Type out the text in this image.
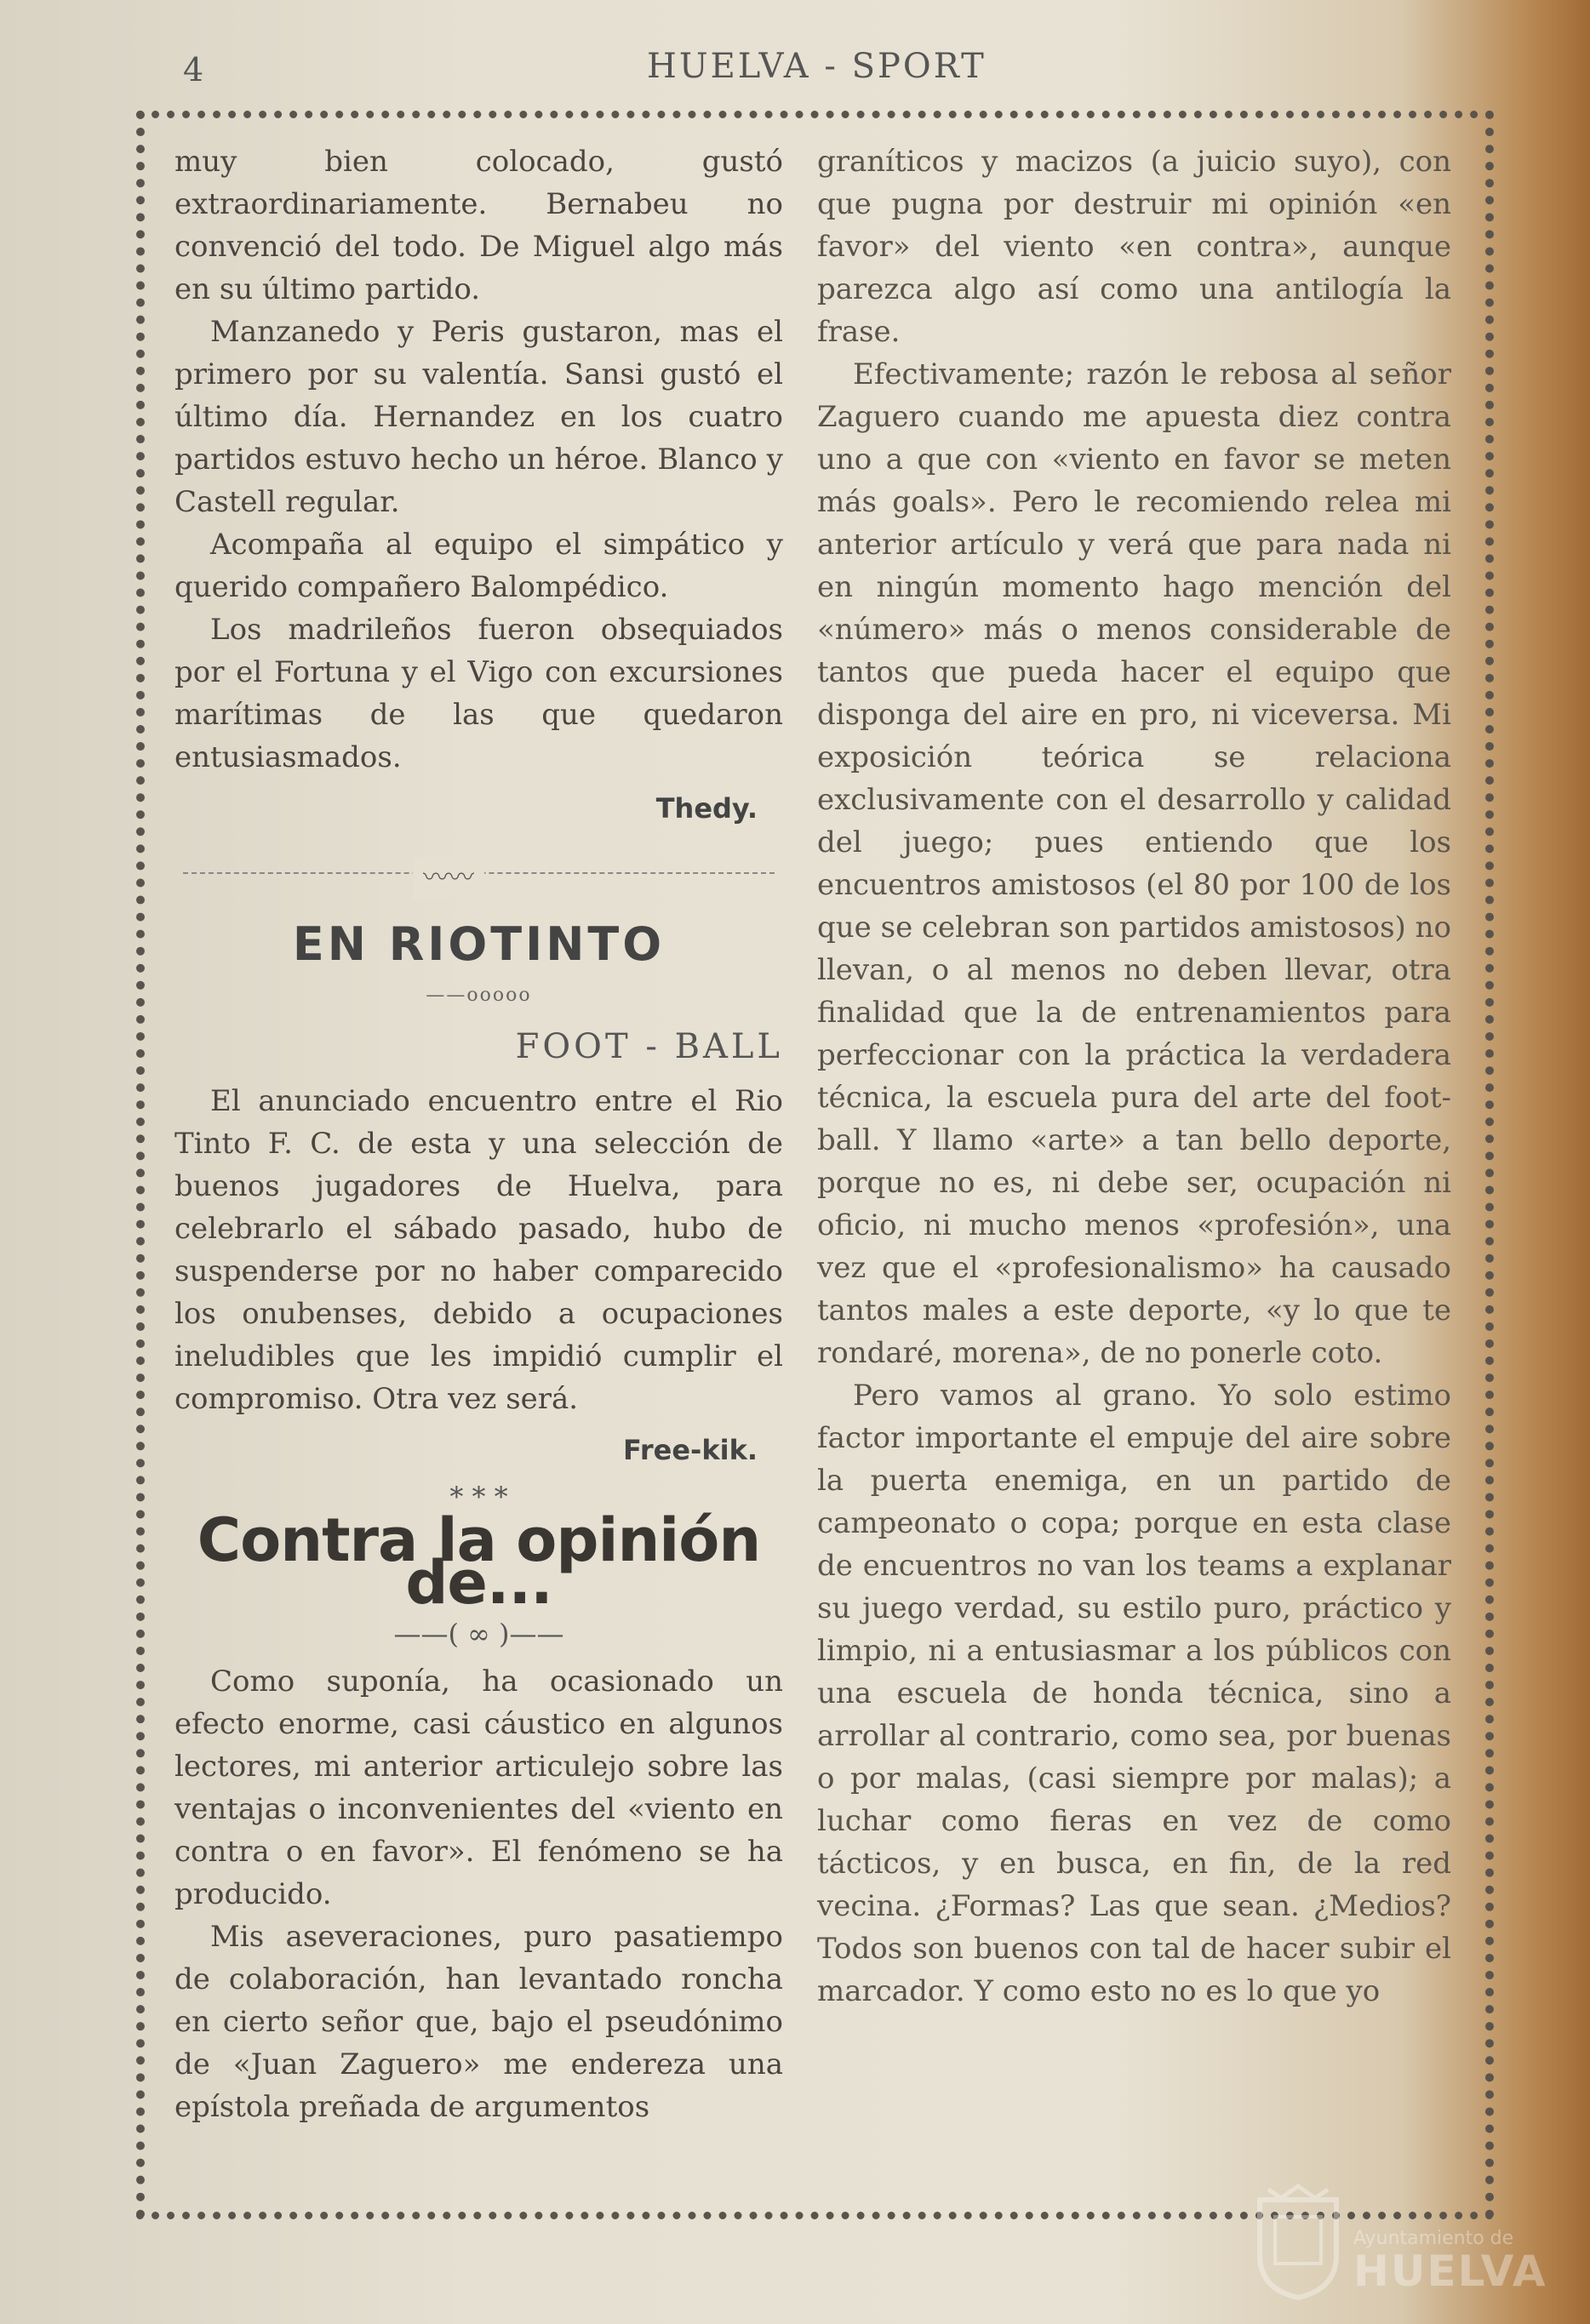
4	HUELVA - SPORT

muy bien colocado, gustó extraordinariamente. Bernabeu no convenció del todo. De Miguel algo más en su último partido.

Manzanedo y Peris gustaron, mas el primero por su valentía. Sansi gustó el último día. Hernandez en los cuatro partidos estuvo hecho un héroe. Blanco y Castell regular.

Acompaña al equipo el simpático y querido compañero Balompédico.

Los madrileños fueron obsequiados por el Fortuna y el Vigo con excursiones marítimas de las que quedaron entusiasmados.

Thedy.

〰〰
EN RIOTINTO
——ooooo
FOOT - BALL

El anunciado encuentro entre el Rio Tinto F. C. de esta y una selección de buenos jugadores de Huelva, para celebrarlo el sábado pasado, hubo de suspenderse por no haber comparecido los onubenses, debido a ocupaciones ineludibles que les impidió cumplir el compromiso. Otra vez será.

Free-kik.

* * *
Contra la opinión de...
——( ∞ )——

Como suponía, ha ocasionado un efecto enorme, casi cáustico en algunos lectores, mi anterior articulejo sobre las ventajas o inconvenientes del «viento en contra o en favor». El fenómeno se ha producido.

Mis aseveraciones, puro pasatiempo de colaboración, han levantado roncha en cierto señor que, bajo el pseudónimo de «Juan Zaguero» me endereza una epístola preñada de argumentos

graníticos y macizos (a juicio suyo), con que pugna por destruir mi opinión «en favor» del viento «en contra», aunque parezca algo así como una antilogía la frase.

Efectivamente; razón le rebosa al señor Zaguero cuando me apuesta diez contra uno a que con «viento en favor se meten más goals». Pero le recomiendo relea mi anterior artículo y verá que para nada ni en ningún momento hago mención del «número» más o menos considerable de tantos que pueda hacer el equipo que disponga del aire en pro, ni viceversa. Mi exposición teórica se relaciona exclusivamente con el desarrollo y calidad del juego; pues entiendo que los encuentros amistosos (el 80 por 100 de los que se celebran son partidos amistosos) no llevan, o al menos no deben llevar, otra finalidad que la de entrenamientos para perfeccionar con la práctica la verdadera técnica, la escuela pura del arte del foot-ball. Y llamo «arte» a tan bello deporte, porque no es, ni debe ser, ocupación ni oficio, ni mucho menos «profesión», una vez que el «profesionalismo» ha causado tantos males a este deporte, «y lo que te rondaré, morena», de no ponerle coto.

Pero vamos al grano. Yo solo estimo factor importante el empuje del aire sobre la puerta enemiga, en un partido de campeonato o copa; porque en esta clase de encuentros no van los teams a explanar su juego verdad, su estilo puro, práctico y limpio, ni a entusiasmar a los públicos con una escuela de honda técnica, sino a arrollar al contrario, como sea, por buenas o por malas, (casi siempre por malas); a luchar como fieras en vez de como tácticos, y en busca, en fin, de la red vecina. ¿Formas? Las que sean. ¿Medios? Todos son buenos con tal de hacer subir el marcador. Y como esto no es lo que yo

Ayuntamiento de
HUELVA
